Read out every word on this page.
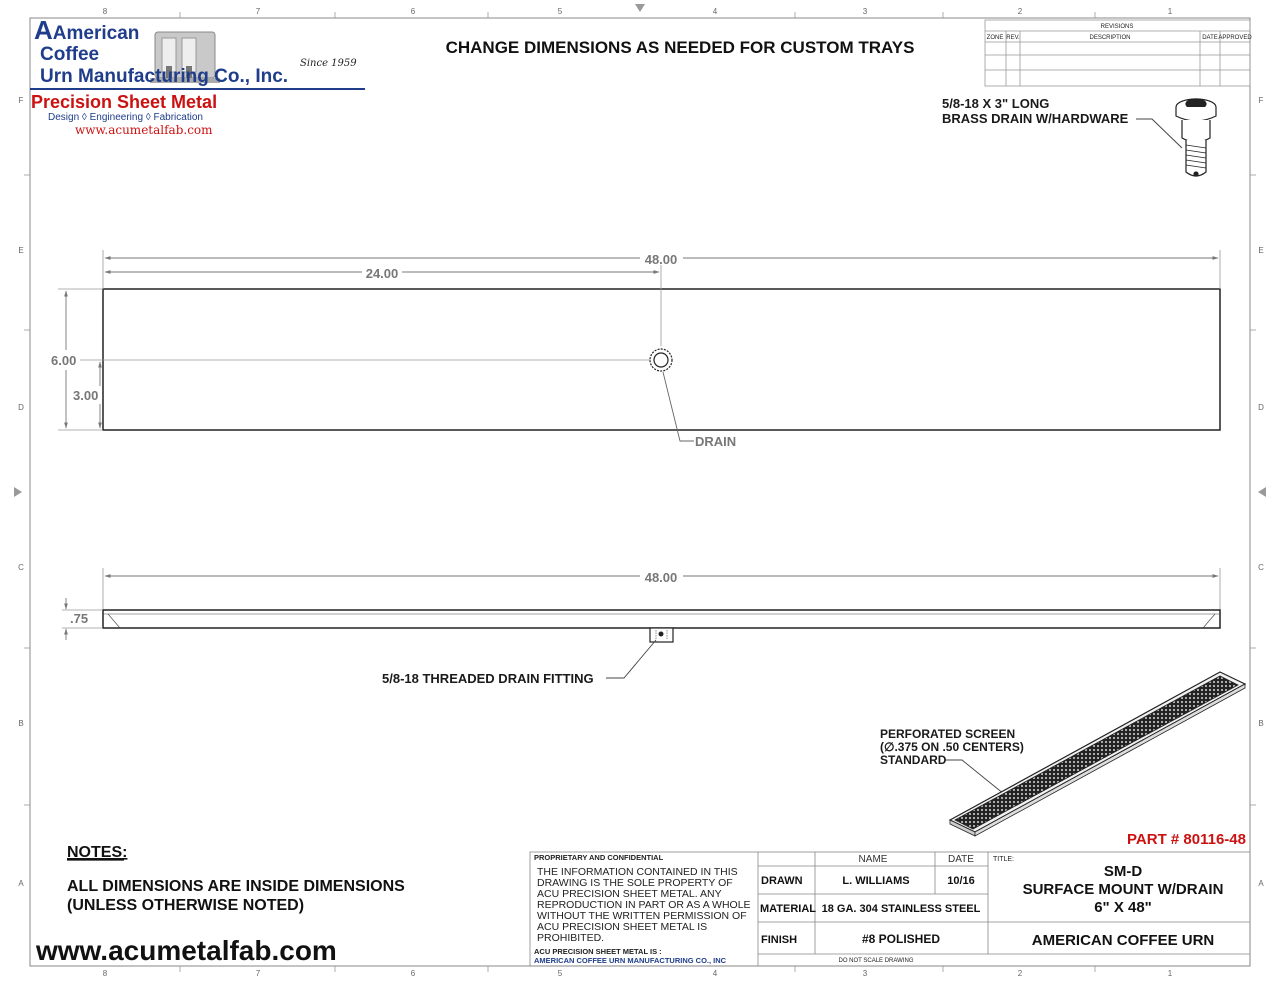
8	7	6	5	4	3	2	1
8	7	6	5	4	3	2	1
F
E
D
C
B
A
F
E
D
C
B
A
AAmerican
Coffee
Urn Manufacturing Co., Inc.
Since 1959
Precision Sheet Metal
Design ◊ Engineering ◊ Fabrication
www.acumetalfab.com
CHANGE DIMENSIONS AS NEEDED FOR CUSTOM TRAYS
REVISIONS
ZONE REV.	DESCRIPTION	DATE APPROVED
5/8-18 X 3" LONG
BRASS DRAIN W/HARDWARE
48.00
24.00
6.00
3.00
DRAIN
48.00
.75
5/8-18 THREADED DRAIN FITTING
PERFORATED SCREEN
(∅.375 ON .50 CENTERS)
STANDARD
NOTES:
ALL DIMENSIONS ARE INSIDE DIMENSIONS
(UNLESS OTHERWISE NOTED)
www.acumetalfab.com
PART # 80116-48
PROPRIETARY AND CONFIDENTIAL
THE INFORMATION CONTAINED IN THIS
DRAWING IS THE SOLE PROPERTY OF
ACU PRECISION SHEET METAL. ANY
REPRODUCTION IN PART OR AS A WHOLE
WITHOUT THE WRITTEN PERMISSION OF
ACU PRECISION SHEET METAL IS
PROHIBITED.
ACU PRECISION SHEET METAL IS :
AMERICAN COFFEE URN MANUFACTURING CO., INC
NAME	DATE
DRAWN	L. WILLIAMS	10/16
MATERIAL 18 GA. 304 STAINLESS STEEL
FINISH	#8 POLISHED
DO NOT SCALE DRAWING
TITLE:
SM-D
SURFACE MOUNT W/DRAIN
6" X 48"
AMERICAN COFFEE URN
